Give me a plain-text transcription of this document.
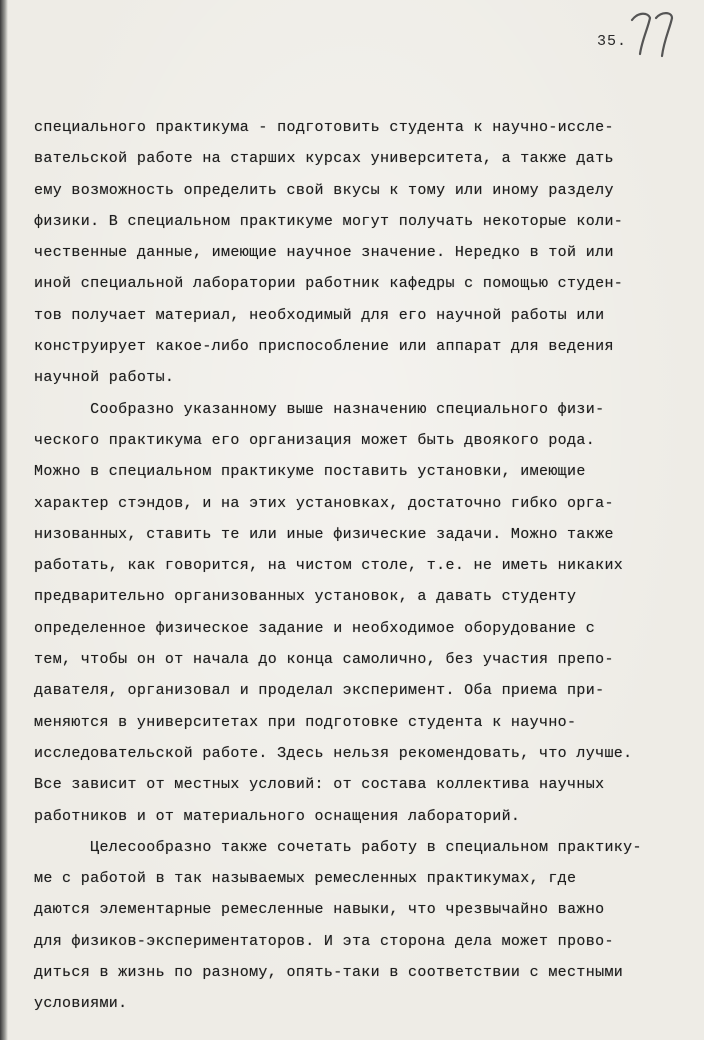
35.
специального практикума - подготовить студента к научно-иссле-
вательской работе на старших курсах университета, а также дать
ему возможность определить свой вкусы к тому или иному разделу
физики. В специальном практикуме могут получать некоторые коли-
чественные данные, имеющие научное значение. Нередко в той или
иной специальной лаборатории работник кафедры с помощью студен-
тов получает материал, необходимый для его научной работы или
конструирует какое-либо приспособление или аппарат для ведения
научной работы.
Сообразно указанному выше назначению специального физи-
ческого практикума его организация может быть двоякого рода.
Можно в специальном практикуме поставить установки, имеющие
характер стэндов, и на этих установках, достаточно гибко орга-
низованных, ставить те или иные физические задачи. Можно также
работать, как говорится, на чистом столе, т.е. не иметь никаких
предварительно организованных установок, а давать студенту
определенное физическое задание и необходимое оборудование с
тем, чтобы он от начала до конца самолично, без участия препо-
давателя, организовал и проделал эксперимент. Оба приема при-
меняются в университетах при подготовке студента к научно-
исследовательской работе. Здесь нельзя рекомендовать, что лучше.
Все зависит от местных условий: от состава коллектива научных
работников и от материального оснащения лабораторий.
Целесообразно также сочетать работу в специальном практику-
ме с работой в так называемых ремесленных практикумах, где
даются элементарные ремесленные навыки, что чрезвычайно важно
для физиков-экспериментаторов. И эта сторона дела может прово-
диться в жизнь по разному, опять-таки в соответствии с местными
условиями.
